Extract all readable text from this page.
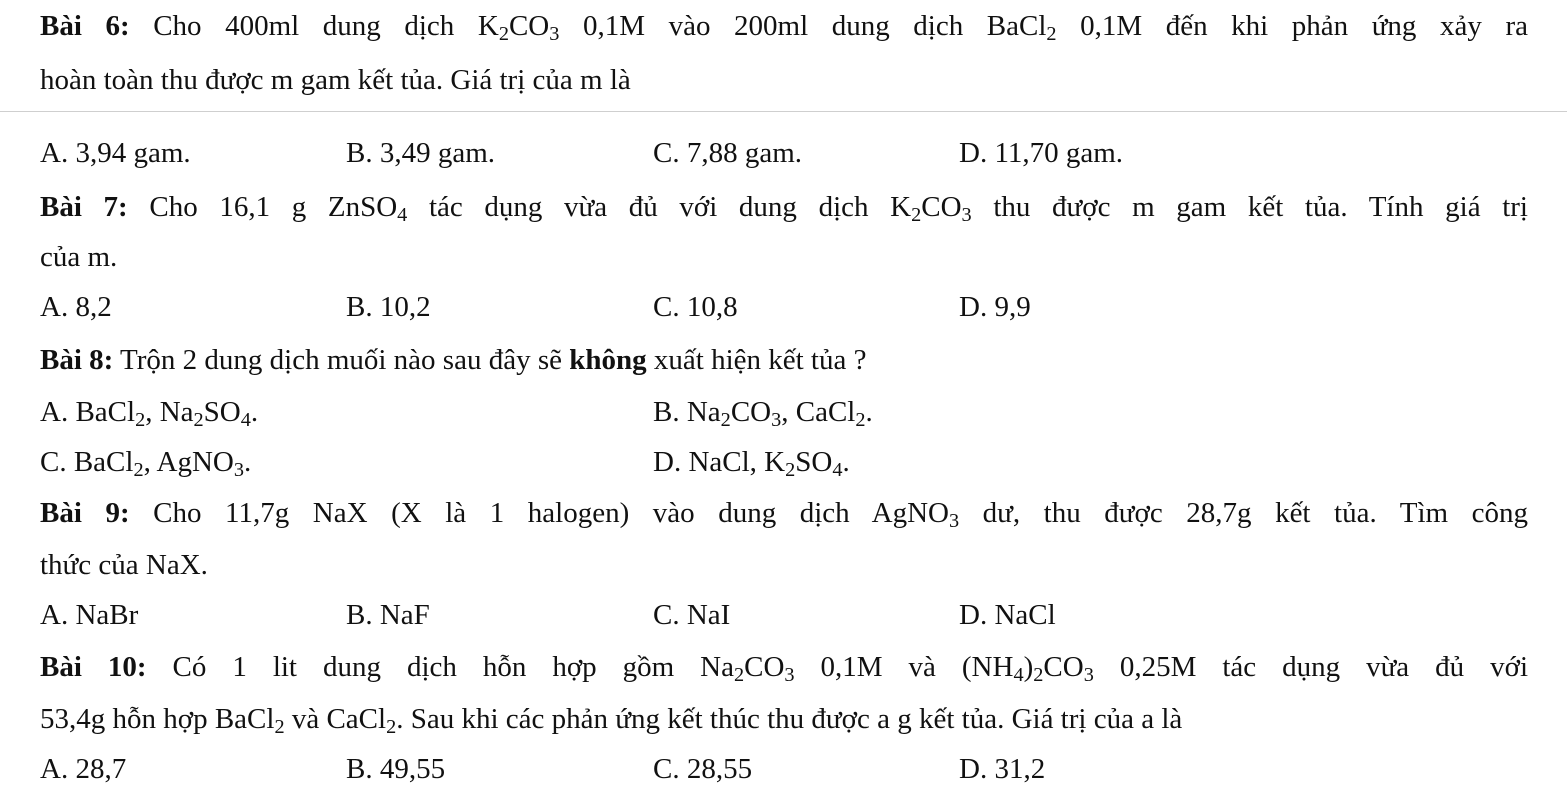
Bài 6: Cho 400ml dung dịch $K_2CO_3$ 0,1M vào 200ml dung dịch BaCl$_2$ 0,1M đến khi phản ứng xảy ra
hoàn toàn thu được m gam kết tủa. Giá trị của m là
A. 3,94 gam.	B. 3,49 gam.	C. 7,88 gam.	D. 11,70 gam.
Bài 7: Cho 16,1 g ZnSO$_4$ tác dụng vừa đủ với dung dịch $K_2CO_3$ thu được m gam kết tủa. Tính giá trị
của m.
A. 8,2	B. 10,2	C. 10,8	D. 9,9
Bài 8: Trộn 2 dung dịch muối nào sau đây sẽ không xuất hiện kết tủa ?
A. BaCl$_2$, $Na_2SO_4$.	B. $Na_2CO_3$, CaCl$_2$.
C. BaCl$_2$, AgNO$_3$.	D. NaCl, $K_2SO_4$.
Bài 9: Cho 11,7g NaX (X là 1 halogen) vào dung dịch AgNO$_3$ dư, thu được 28,7g kết tủa. Tìm công
thức của NaX.
A. NaBr	B. NaF	C. NaI	D. NaCl
Bài 10: Có 1 lit dung dịch hỗn hợp gồm $Na_2CO_3$ 0,1M và $(NH_4)_2CO_3$ 0,25M tác dụng vừa đủ với
53,4g hỗn hợp BaCl$_2$ và CaCl$_2$. Sau khi các phản ứng kết thúc thu được a g kết tủa. Giá trị của a là
A. 28,7	B. 49,55	C. 28,55	D. 31,2
